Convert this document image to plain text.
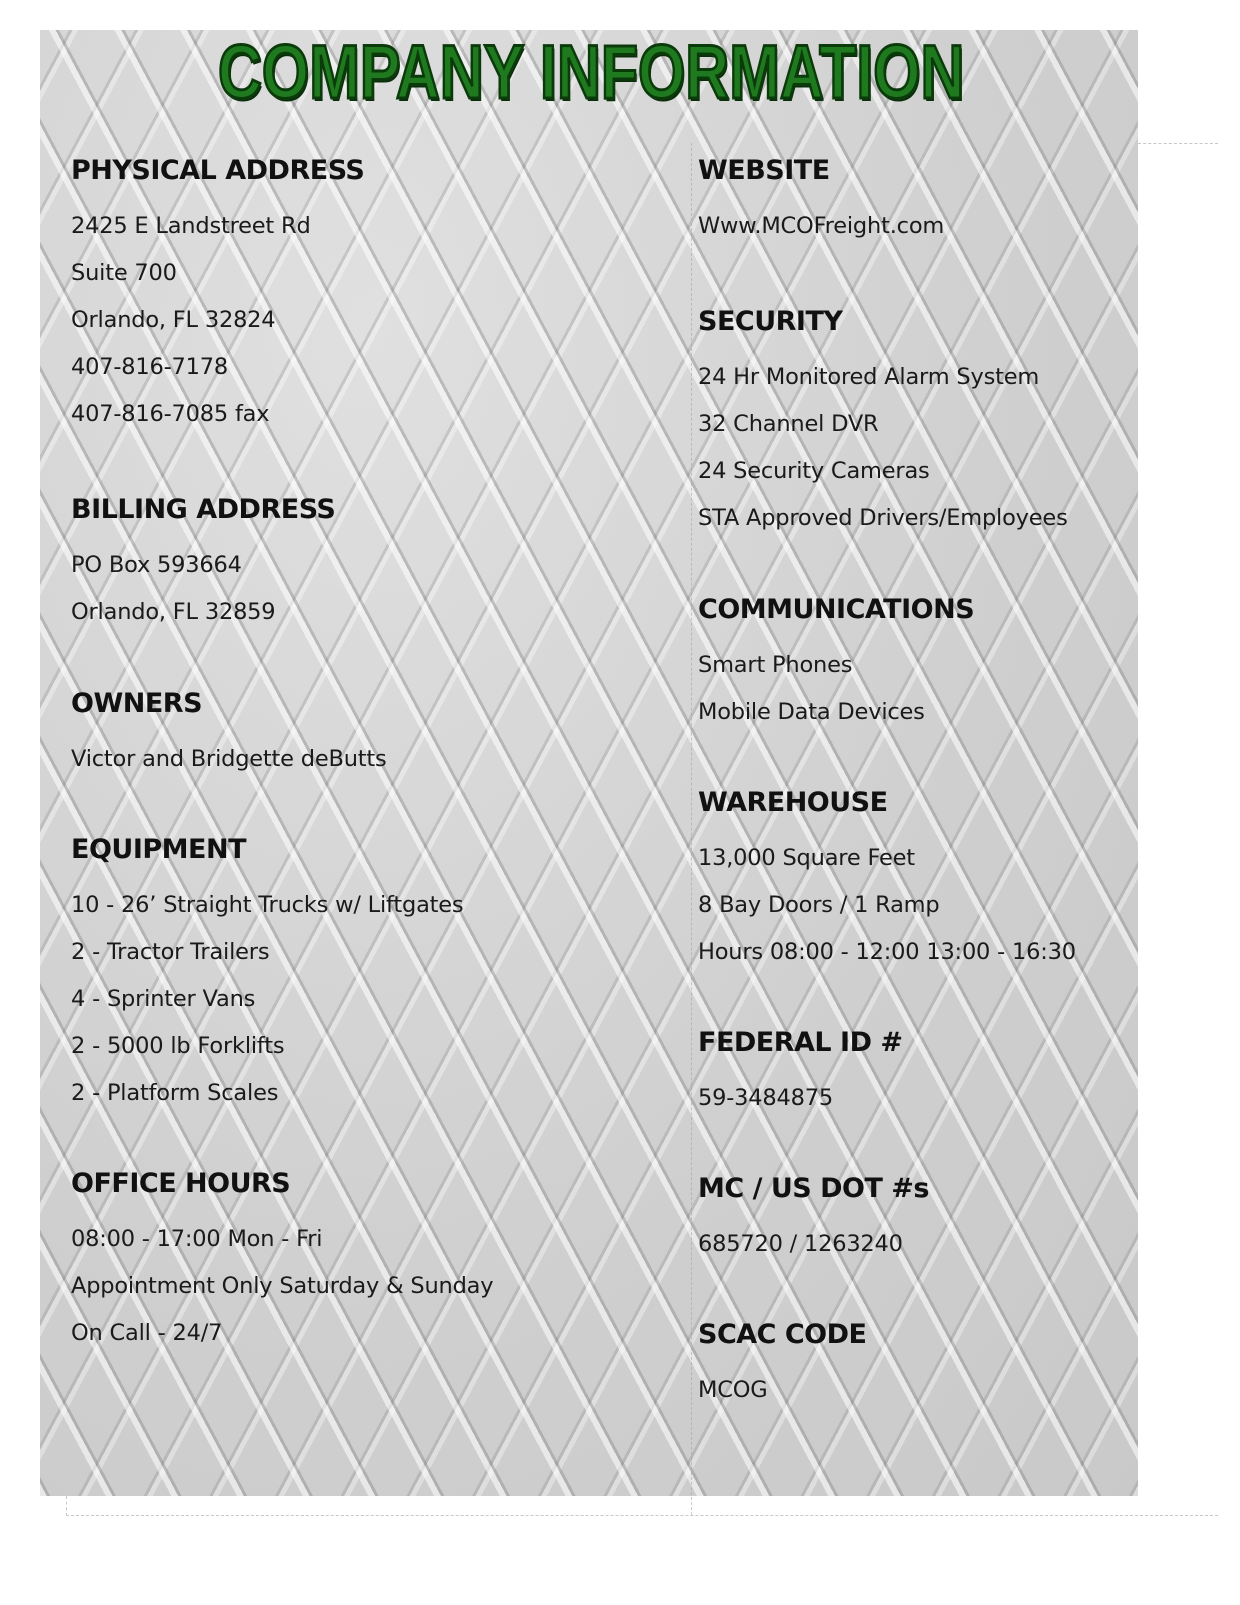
COMPANY INFORMATION
PHYSICAL ADDRESS
2425 E Landstreet Rd
Suite 700
Orlando, FL 32824
407-816-7178
407-816-7085 fax
BILLING ADDRESS
PO Box 593664
Orlando, FL 32859
OWNERS
Victor and Bridgette deButts
EQUIPMENT
10 - 26’ Straight Trucks w/ Liftgates
2 - Tractor Trailers
4 - Sprinter Vans
2 - 5000 lb Forklifts
2 - Platform Scales
OFFICE HOURS
08:00 - 17:00 Mon - Fri
Appointment Only Saturday & Sunday
On Call - 24/7
WEBSITE
Www.MCOFreight.com
SECURITY
24 Hr Monitored Alarm System
32 Channel DVR
24 Security Cameras
STA Approved Drivers/Employees
COMMUNICATIONS
Smart Phones
Mobile Data Devices
WAREHOUSE
13,000 Square Feet
8 Bay Doors / 1 Ramp
Hours 08:00 - 12:00 13:00 - 16:30
FEDERAL ID #
59-3484875
MC / US DOT #s
685720 / 1263240
SCAC CODE
MCOG
